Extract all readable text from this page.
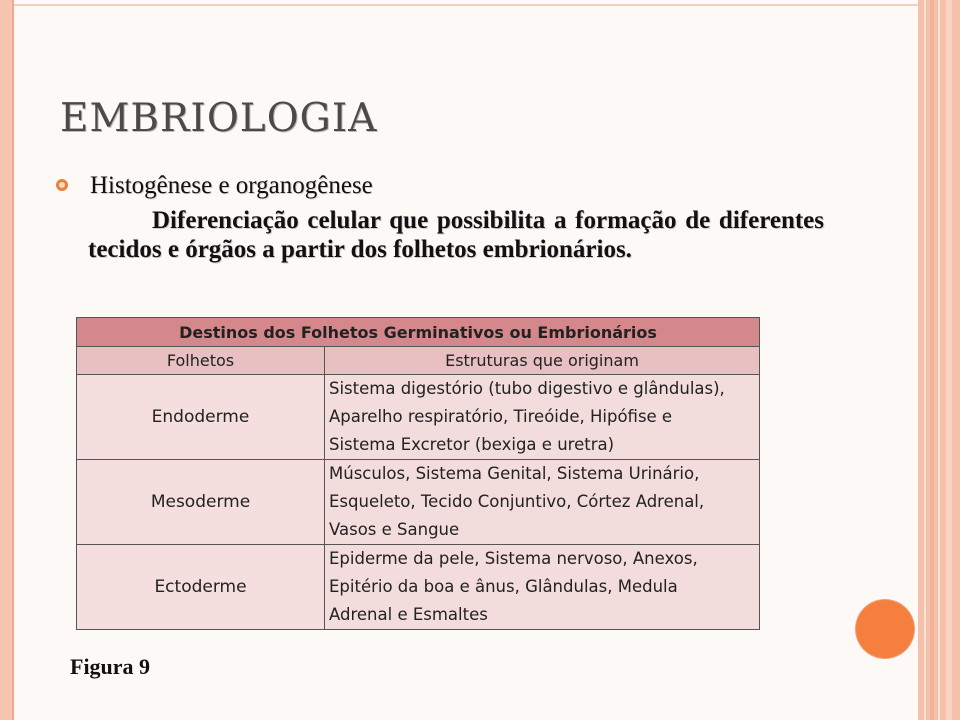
EMBRIOLOGIA
Histogênese e organogênese

Diferenciação celular que possibilita a formação de diferentes tecidos e órgãos a partir dos folhetos embrionários.

Destinos dos Folhetos Germinativos ou Embrionários	
Folhetos	Estruturas que originam
Endoderme	Sistema digestório (tubo digestivo e glândulas),
Aparelho respiratório, Tireóide, Hipófise e
Sistema Excretor (bexiga e uretra)

Mesoderme	Músculos, Sistema Genital, Sistema Urinário,
Esqueleto, Tecido Conjuntivo, Córtez Adrenal,
Vasos e Sangue

Ectoderme	Epiderme da pele, Sistema nervoso, Anexos,
Epitério da boa e ânus, Glândulas, Medula
Adrenal e Esmaltes
Figura 9
